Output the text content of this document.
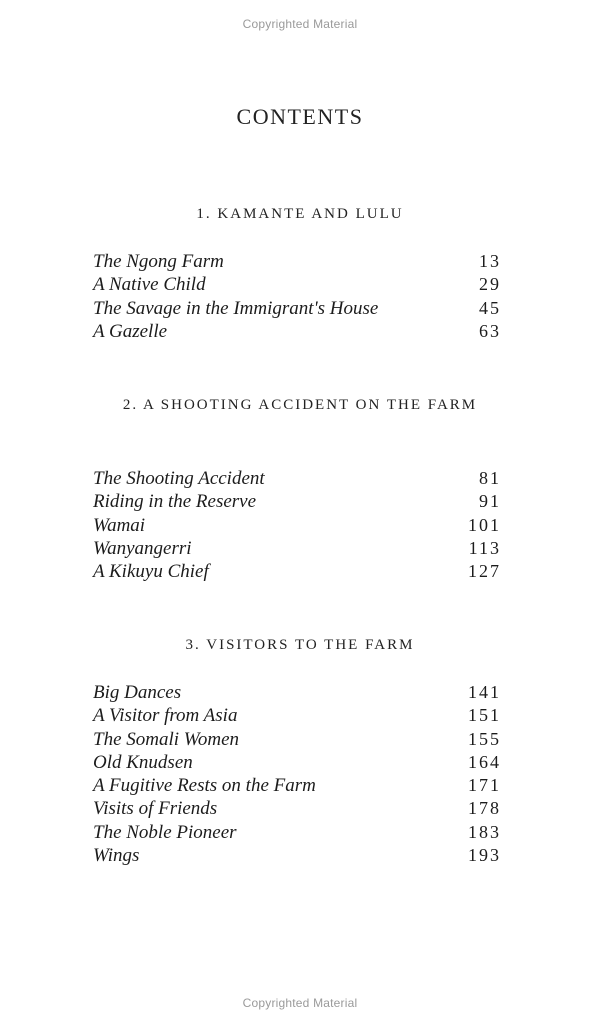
Copyrighted Material
CONTENTS
1. KAMANTE AND LULU
The Ngong Farm	13
A Native Child	29
The Savage in the Immigrant's House	45
A Gazelle	63
2. A SHOOTING ACCIDENT ON THE FARM
The Shooting Accident	81
Riding in the Reserve	91
Wamai	101
Wanyangerri	113
A Kikuyu Chief	127
3. VISITORS TO THE FARM
Big Dances	141
A Visitor from Asia	151
The Somali Women	155
Old Knudsen	164
A Fugitive Rests on the Farm	171
Visits of Friends	178
The Noble Pioneer	183
Wings	193
Copyrighted Material
